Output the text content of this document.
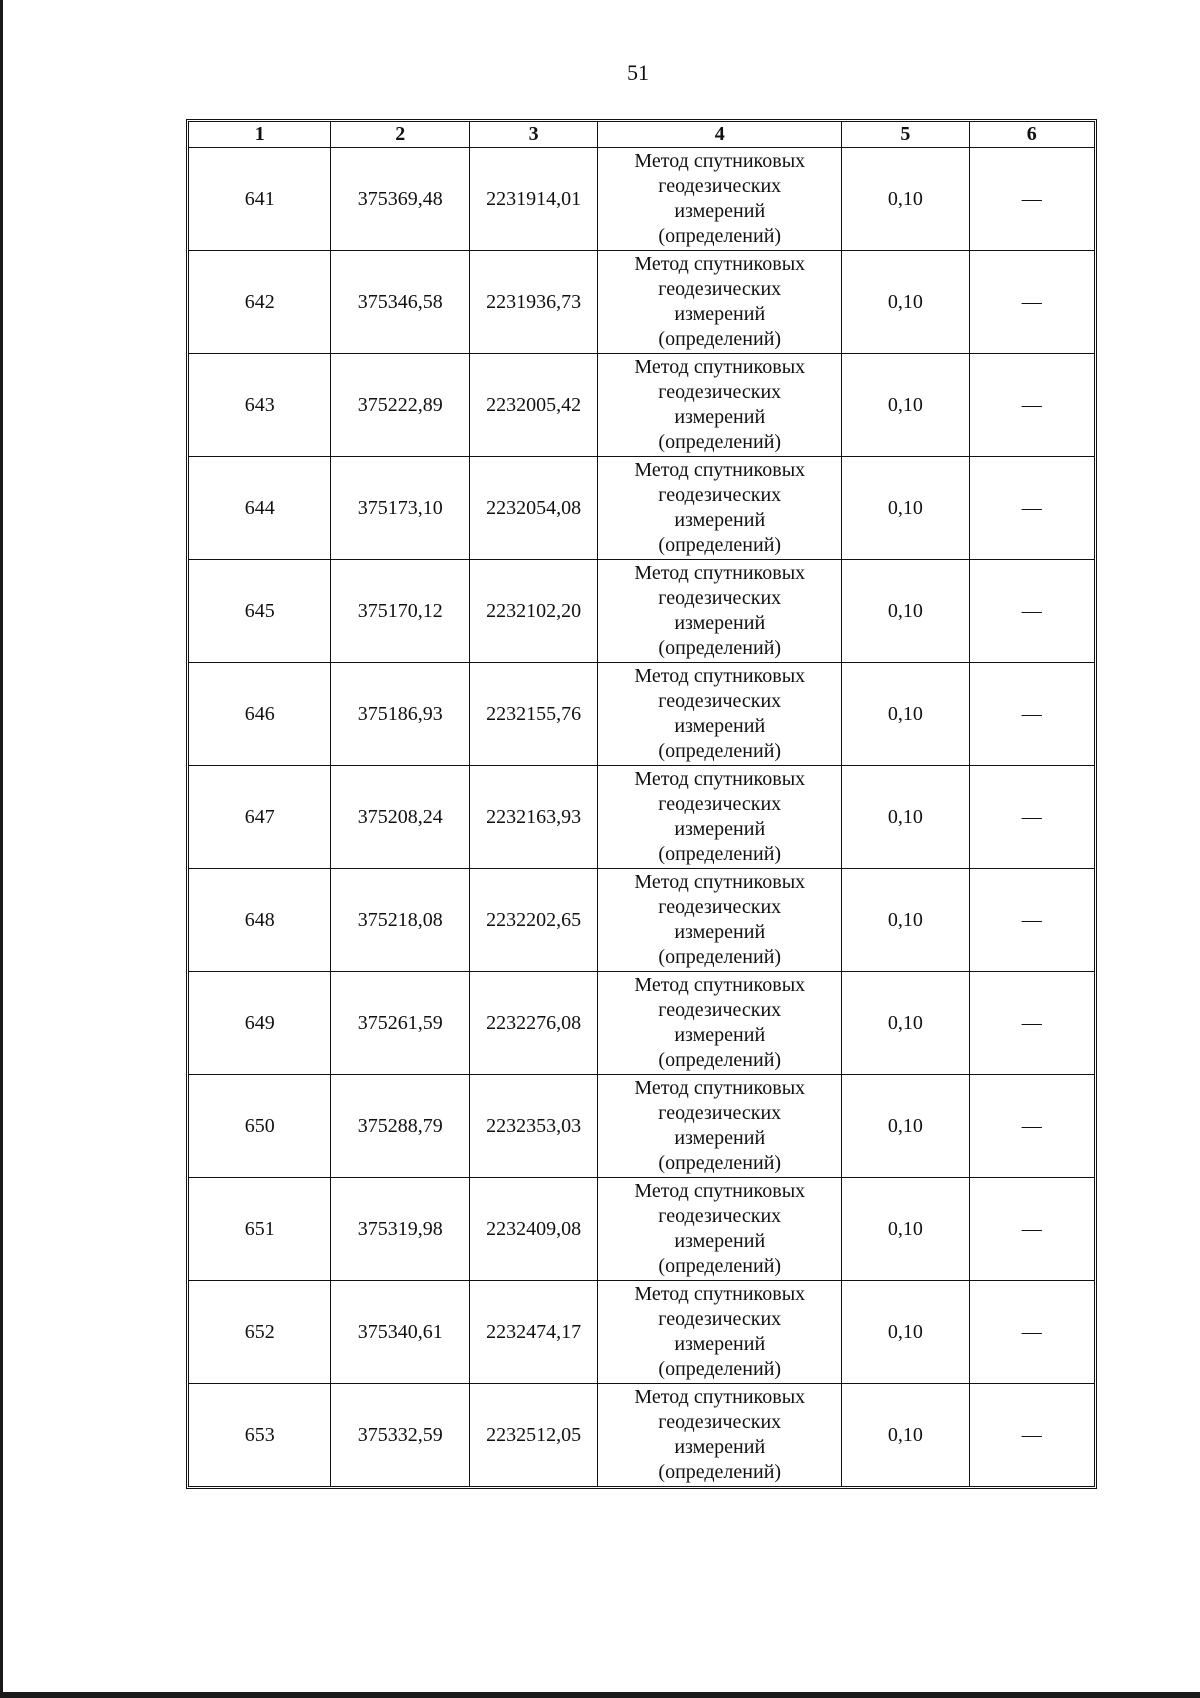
51
1	2	3	4	5	6
641	375369,48	2231914,01	Метод спутниковых
геодезических
измерений
(определений)	0,10	—
642	375346,58	2231936,73	Метод спутниковых
геодезических
измерений
(определений)	0,10	—
643	375222,89	2232005,42	Метод спутниковых
геодезических
измерений
(определений)	0,10	—
644	375173,10	2232054,08	Метод спутниковых
геодезических
измерений
(определений)	0,10	—
645	375170,12	2232102,20	Метод спутниковых
геодезических
измерений
(определений)	0,10	—
646	375186,93	2232155,76	Метод спутниковых
геодезических
измерений
(определений)	0,10	—
647	375208,24	2232163,93	Метод спутниковых
геодезических
измерений
(определений)	0,10	—
648	375218,08	2232202,65	Метод спутниковых
геодезических
измерений
(определений)	0,10	—
649	375261,59	2232276,08	Метод спутниковых
геодезических
измерений
(определений)	0,10	—
650	375288,79	2232353,03	Метод спутниковых
геодезических
измерений
(определений)	0,10	—
651	375319,98	2232409,08	Метод спутниковых
геодезических
измерений
(определений)	0,10	—
652	375340,61	2232474,17	Метод спутниковых
геодезических
измерений
(определений)	0,10	—
653	375332,59	2232512,05	Метод спутниковых
геодезических
измерений
(определений)	0,10	—
